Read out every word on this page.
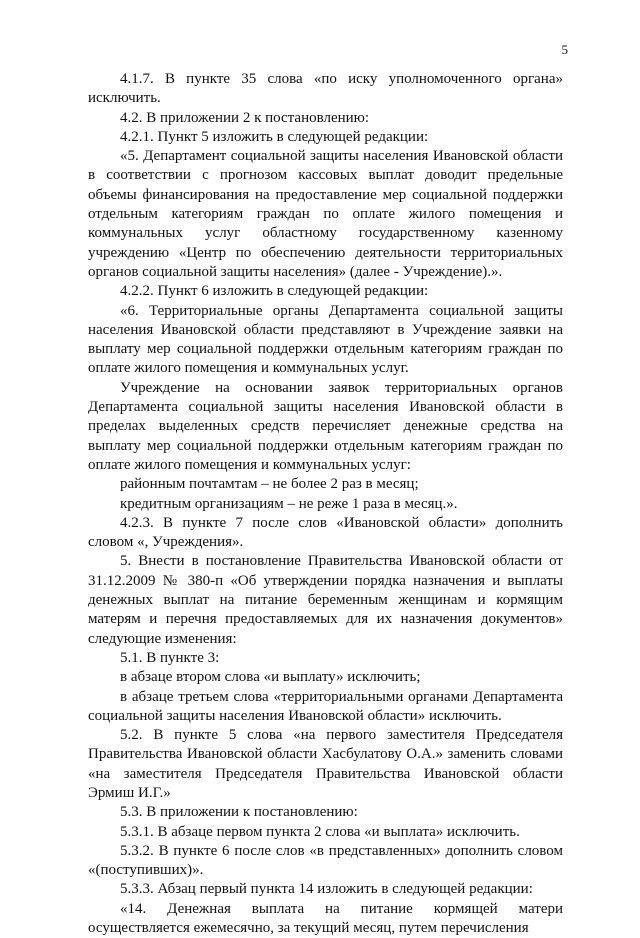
5

4.1.7. В пункте 35 слова «по иску уполномоченного органа» исключить.

4.2. В приложении 2 к постановлению:

4.2.1. Пункт 5 изложить в следующей редакции:

«5. Департамент социальной защиты населения Ивановской области в соответствии с прогнозом кассовых выплат доводит предельные объемы финансирования на предоставление мер социальной поддержки отдельным категориям граждан по оплате жилого помещения и коммунальных услуг областному государственному казенному учреждению «Центр по обеспечению деятельности территориальных органов социальной защиты населения» (далее - Учреждение).».

4.2.2. Пункт 6 изложить в следующей редакции:

«6. Территориальные органы Департамента социальной защиты населения Ивановской области представляют в Учреждение заявки на выплату мер социальной поддержки отдельным категориям граждан по оплате жилого помещения и коммунальных услуг.

Учреждение на основании заявок территориальных органов Департамента социальной защиты населения Ивановской области в пределах выделенных средств перечисляет денежные средства на выплату мер социальной поддержки отдельным категориям граждан по оплате жилого помещения и коммунальных услуг:

районным почтамтам – не более 2 раз в месяц;

кредитным организациям – не реже 1 раза в месяц.».

4.2.3. В пункте 7 после слов «Ивановской области» дополнить словом «, Учреждения».

5. Внести в постановление Правительства Ивановской области от 31.12.2009 № 380-п «Об утверждении порядка назначения и выплаты денежных выплат на питание беременным женщинам и кормящим матерям и перечня предоставляемых для их назначения документов» следующие изменения:

5.1. В пункте 3:

в абзаце втором слова «и выплату» исключить;

в абзаце третьем слова «территориальными органами Департамента социальной защиты населения Ивановской области» исключить.

5.2. В пункте 5 слова «на первого заместителя Председателя Правительства Ивановской области Хасбулатову О.А.» заменить словами «на заместителя Председателя Правительства Ивановской области Эрмиш И.Г.»

5.3. В приложении к постановлению:

5.3.1. В абзаце первом пункта 2 слова «и выплата» исключить.

5.3.2. В пункте 6 после слов «в представленных» дополнить словом «(поступивших)».

5.3.3. Абзац первый пункта 14 изложить в следующей редакции:

«14. Денежная выплата на питание кормящей матери осуществляется ежемесячно, за текущий месяц, путем перечисления
